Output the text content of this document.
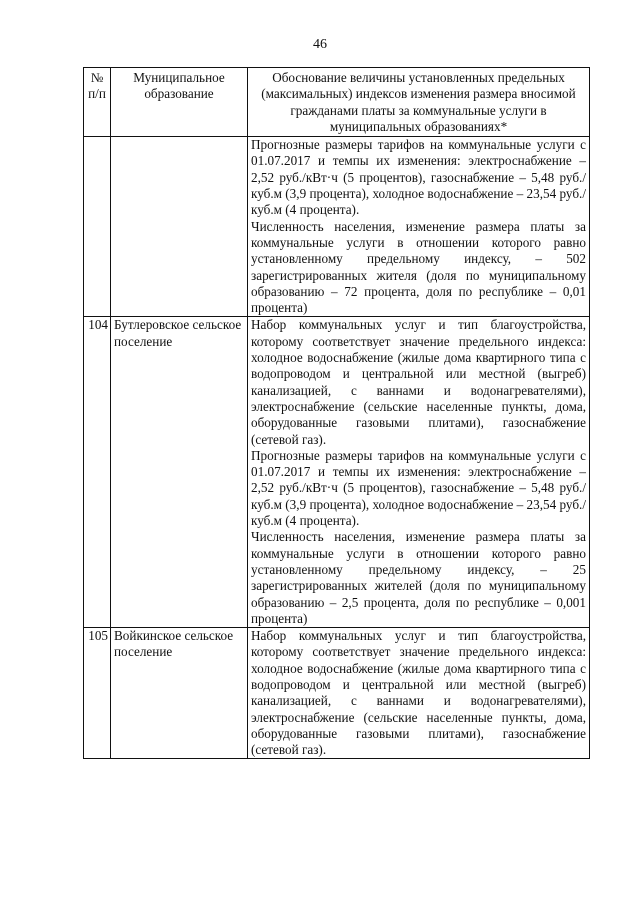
46
№
п/п	Муниципальное образование	Обоснование величины установленных предельных (максимальных) индексов изменения размера вносимой гражданами платы за коммунальные услуги в муниципальных образованиях*

		Прогнозные размеры тарифов на коммунальные услуги с 01.07.2017 и темпы их изменения: электроснабжение – 2,52 руб./кВт·ч (5 процентов), газоснабжение – 5,48 руб./куб.м (3,9 процента), холодное водоснабжение – 23,54 руб./куб.м (4 процента).

Численность населения, изменение размера платы за коммунальные услуги в отношении которого равно установленному предельному индексу, – 502 зарегистрированных жителя (доля по муниципальному образованию – 72 процента, доля по республике – 0,01 процента)

104	Бутлеровское сельское поселение	Набор коммунальных услуг и тип благоустройства, которому соответствует значение предельного индекса: холодное водоснабжение (жилые дома квартирного типа с водопроводом и центральной или местной (выгреб) канализацией, с ваннами и водонагревателями), электроснабжение (сельские населенные пункты, дома, оборудованные газовыми плитами), газоснабжение (сетевой газ).

Прогнозные размеры тарифов на коммунальные услуги с 01.07.2017 и темпы их изменения: электроснабжение – 2,52 руб./кВт·ч (5 процентов), газоснабжение – 5,48 руб./куб.м (3,9 процента), холодное водоснабжение – 23,54 руб./куб.м (4 процента).

Численность населения, изменение размера платы за коммунальные услуги в отношении которого равно установленному предельному индексу, – 25 зарегистрированных жителей (доля по муниципальному образованию – 2,5 процента, доля по республике – 0,001 процента)

105	Войкинское сельское поселение	Набор коммунальных услуг и тип благоустройства, которому соответствует значение предельного индекса: холодное водоснабжение (жилые дома квартирного типа с водопроводом и центральной или местной (выгреб) канализацией, с ваннами и водонагревателями), электроснабжение (сельские населенные пункты, дома, оборудованные газовыми плитами), газоснабжение (сетевой газ).
